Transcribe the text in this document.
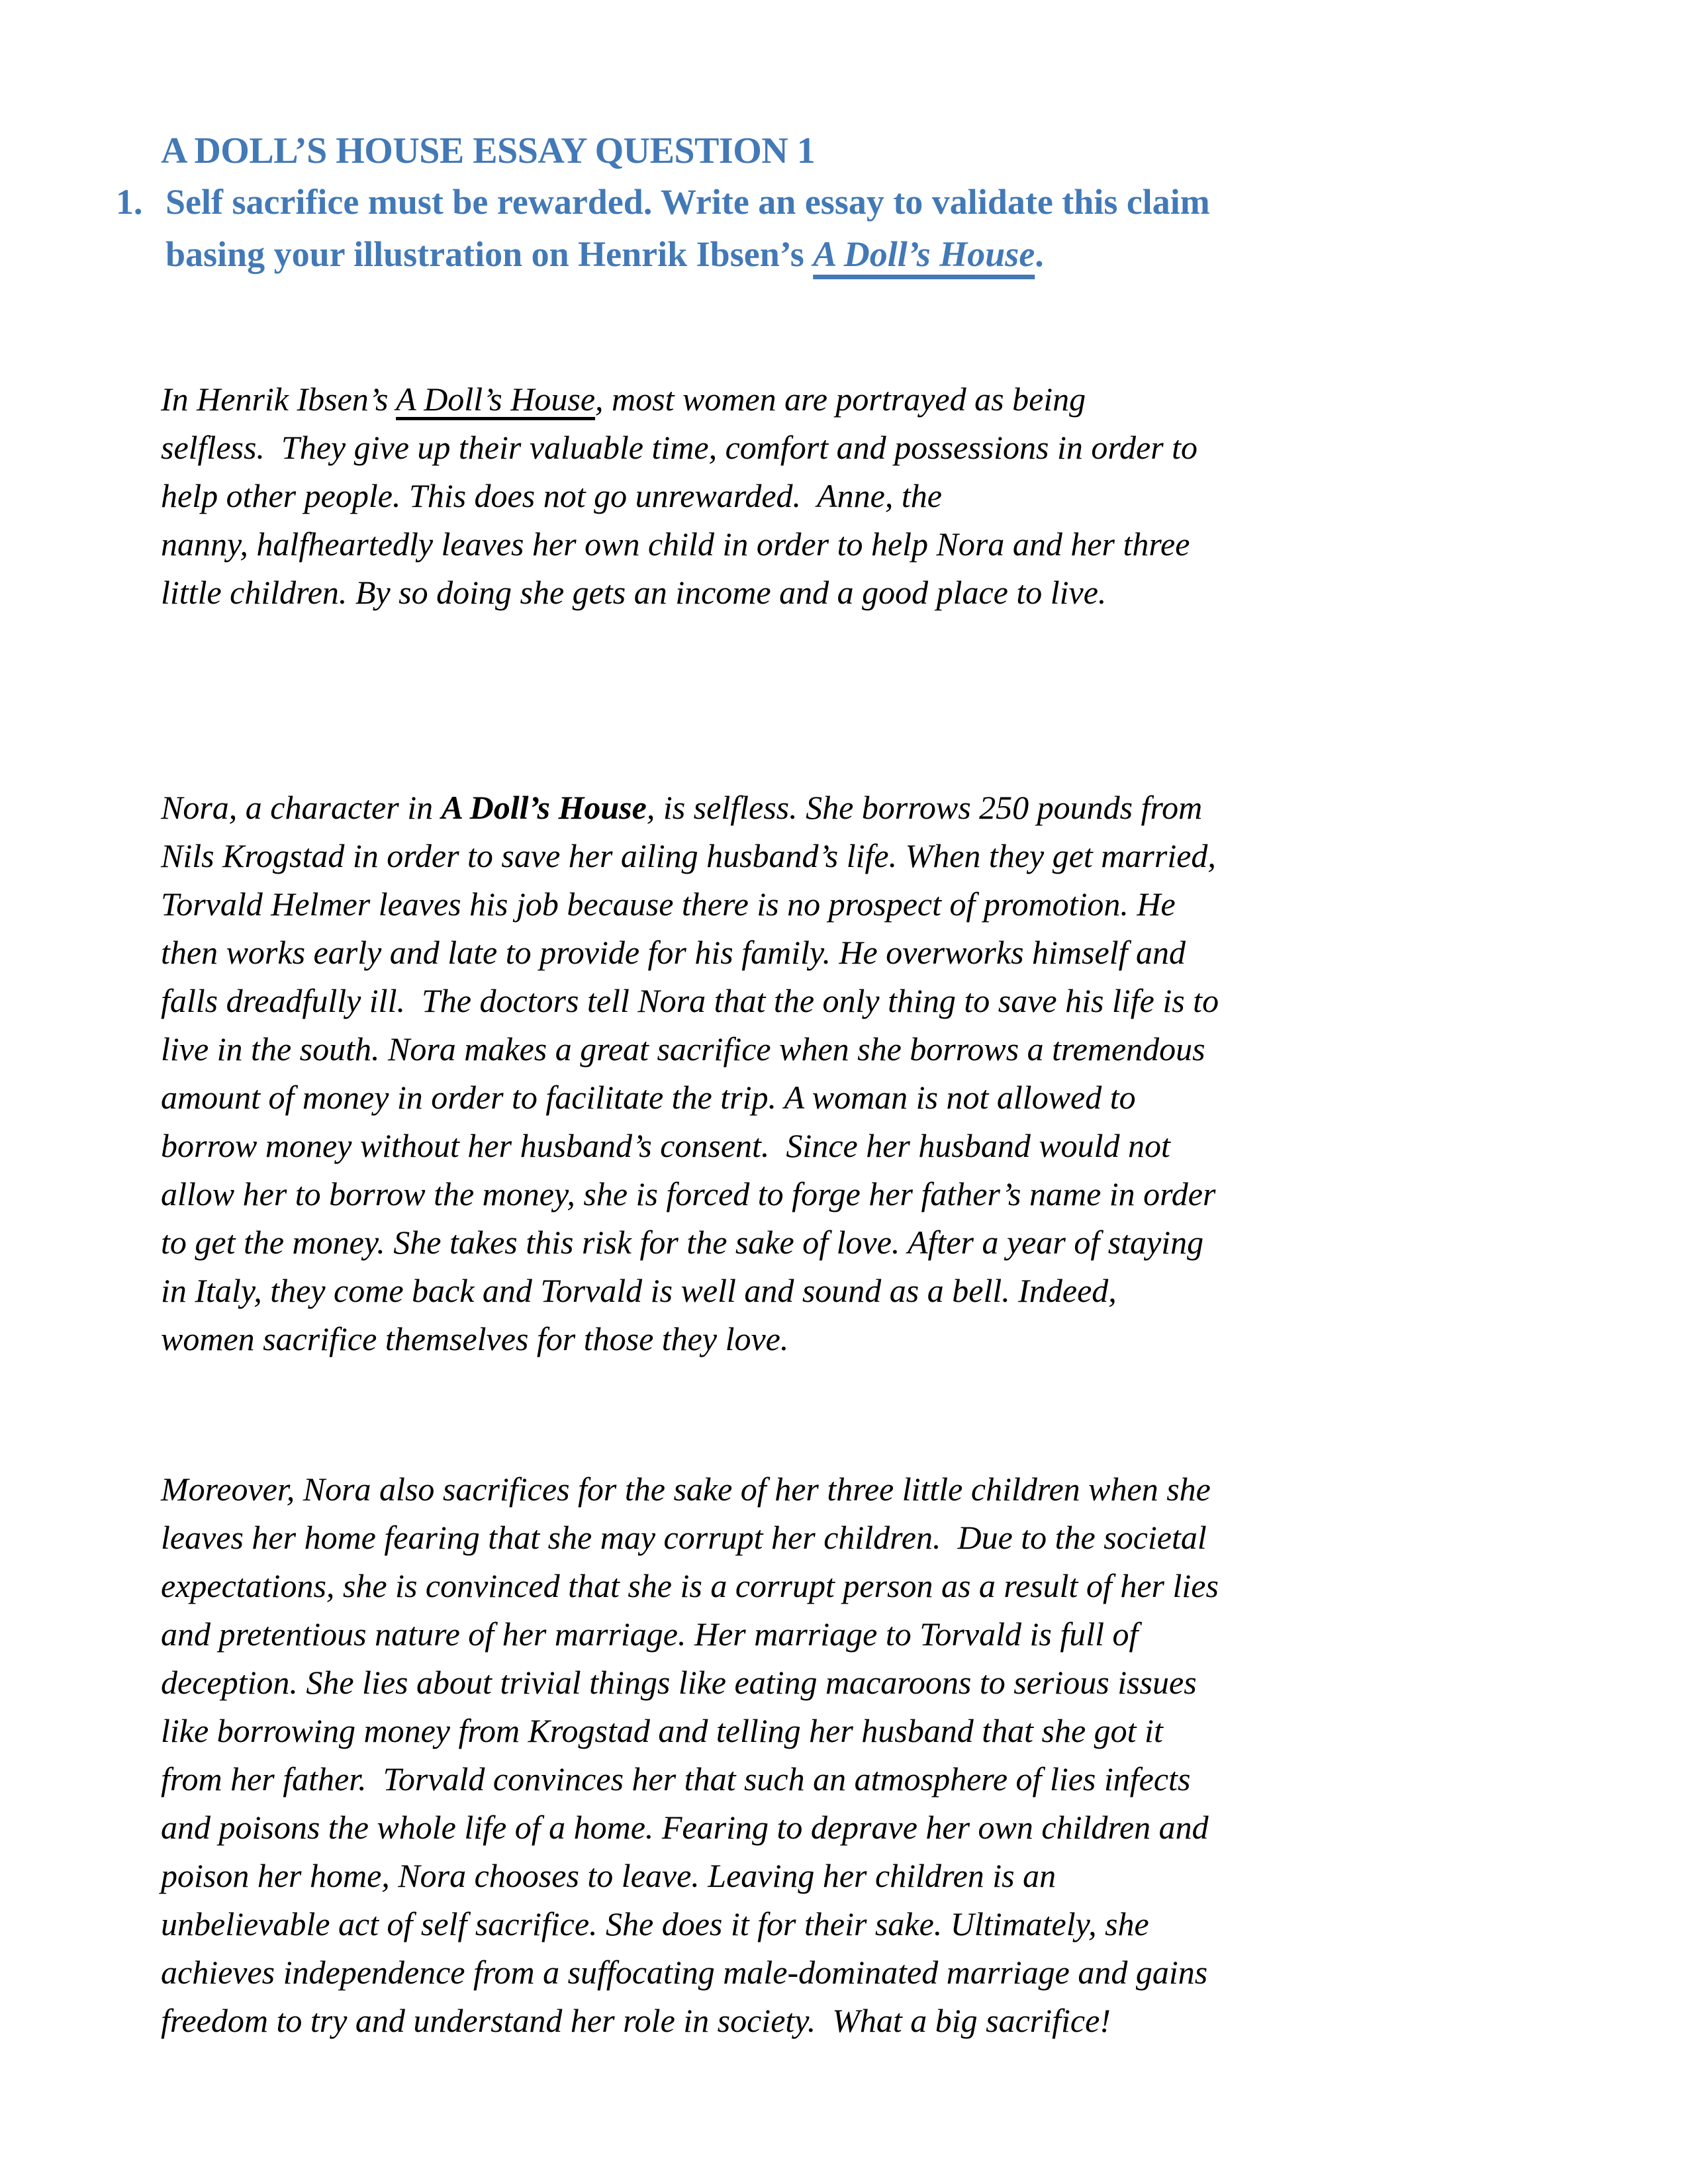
A DOLL’S HOUSE ESSAY QUESTION 1
1. Self sacrifice must be rewarded. Write an essay to validate this claim
basing your illustration on Henrik Ibsen’s A Doll’s House.

In Henrik Ibsen’s A Doll’s House, most women are portrayed as being
selfless.  They give up their valuable time, comfort and possessions in order to
help other people. This does not go unrewarded.  Anne, the
nanny, halfheartedly leaves her own child in order to help Nora and her three
little children. By so doing she gets an income and a good place to live.

Nora, a character in A Doll’s House, is selfless. She borrows 250 pounds from
Nils Krogstad in order to save her ailing husband’s life. When they get married,
Torvald Helmer leaves his job because there is no prospect of promotion. He
then works early and late to provide for his family. He overworks himself and
falls dreadfully ill.  The doctors tell Nora that the only thing to save his life is to
live in the south. Nora makes a great sacrifice when she borrows a tremendous
amount of money in order to facilitate the trip. A woman is not allowed to
borrow money without her husband’s consent.  Since her husband would not
allow her to borrow the money, she is forced to forge her father’s name in order
to get the money. She takes this risk for the sake of love. After a year of staying
in Italy, they come back and Torvald is well and sound as a bell. Indeed,
women sacrifice themselves for those they love.

Moreover, Nora also sacrifices for the sake of her three little children when she
leaves her home fearing that she may corrupt her children.  Due to the societal
expectations, she is convinced that she is a corrupt person as a result of her lies
and pretentious nature of her marriage. Her marriage to Torvald is full of
deception. She lies about trivial things like eating macaroons to serious issues
like borrowing money from Krogstad and telling her husband that she got it
from her father.  Torvald convinces her that such an atmosphere of lies infects
and poisons the whole life of a home. Fearing to deprave her own children and
poison her home, Nora chooses to leave. Leaving her children is an
unbelievable act of self sacrifice. She does it for their sake. Ultimately, she
achieves independence from a suffocating male-dominated marriage and gains
freedom to try and understand her role in society.  What a big sacrifice!
